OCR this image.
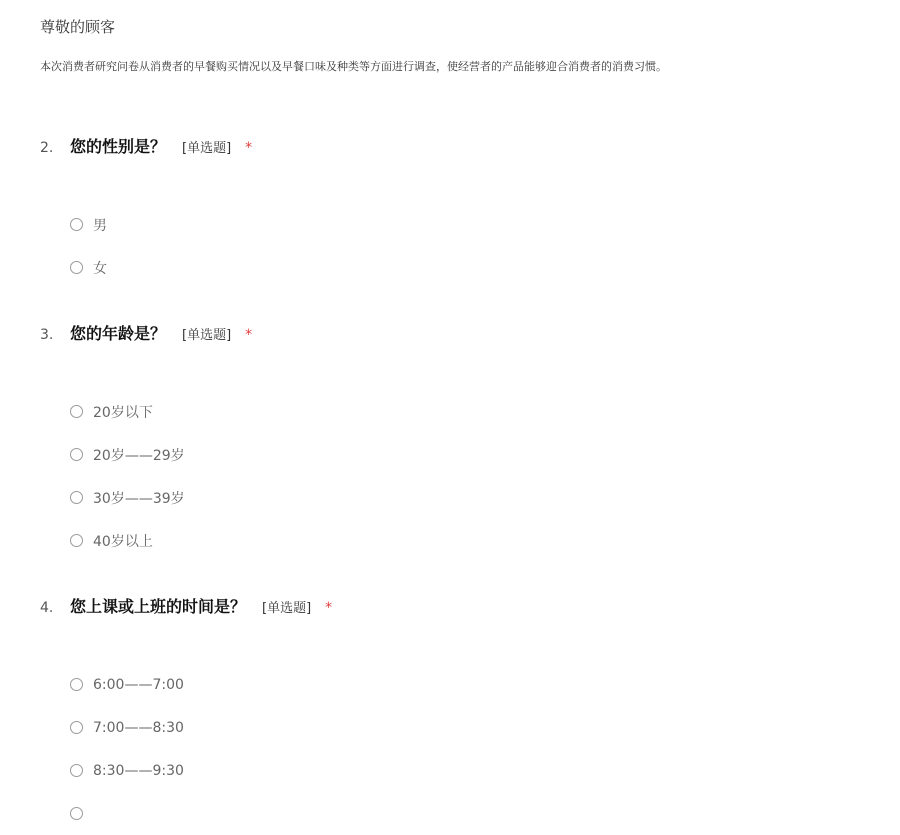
尊敬的顾客
本次消费者研究问卷从消费者的早餐购买情况以及早餐口味及种类等方面进行调查，使经营者的产品能够迎合消费者的消费习惯。
2.	您的性别是？ [单选题] *
男
女
3.	您的年龄是？ [单选题] *
20岁以下
20岁——29岁
30岁——39岁
40岁以上
4.	您上课或上班的时间是？ [单选题] *
6:00——7:00
7:00——8:30
8:30——9:30
